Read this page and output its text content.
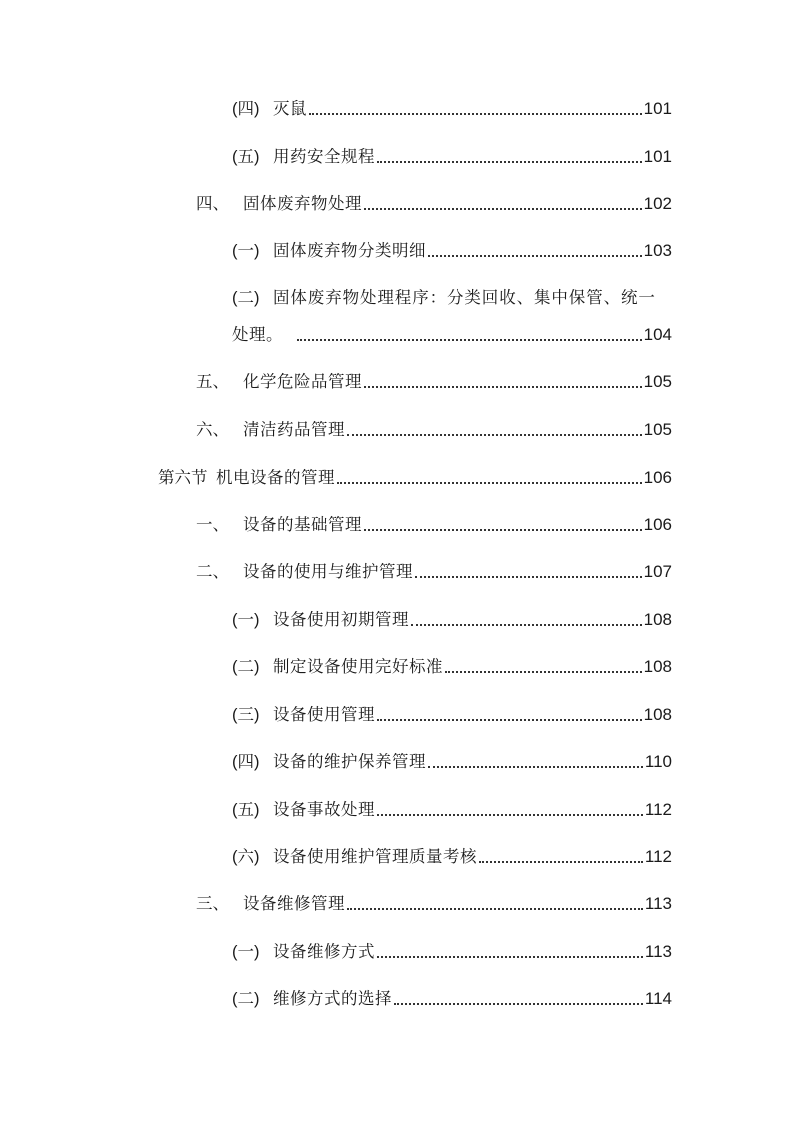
(四) 灭鼠	101
(五) 用药安全规程	101
四、 固体废弃物处理	102
(一) 固体废弃物分类明细	103
(二) 固体废弃物处理程序：分类回收、集中保管、统一
处理。	104
五、 化学危险品管理	105
六、 清洁药品管理	105
第六节 机电设备的管理	106
一、 设备的基础管理	106
二、 设备的使用与维护管理	107
(一) 设备使用初期管理	108
(二) 制定设备使用完好标准	108
(三) 设备使用管理	108
(四) 设备的维护保养管理	110
(五) 设备事故处理	112
(六) 设备使用维护管理质量考核	112
三、 设备维修管理	113
(一) 设备维修方式	113
(二) 维修方式的选择	114
